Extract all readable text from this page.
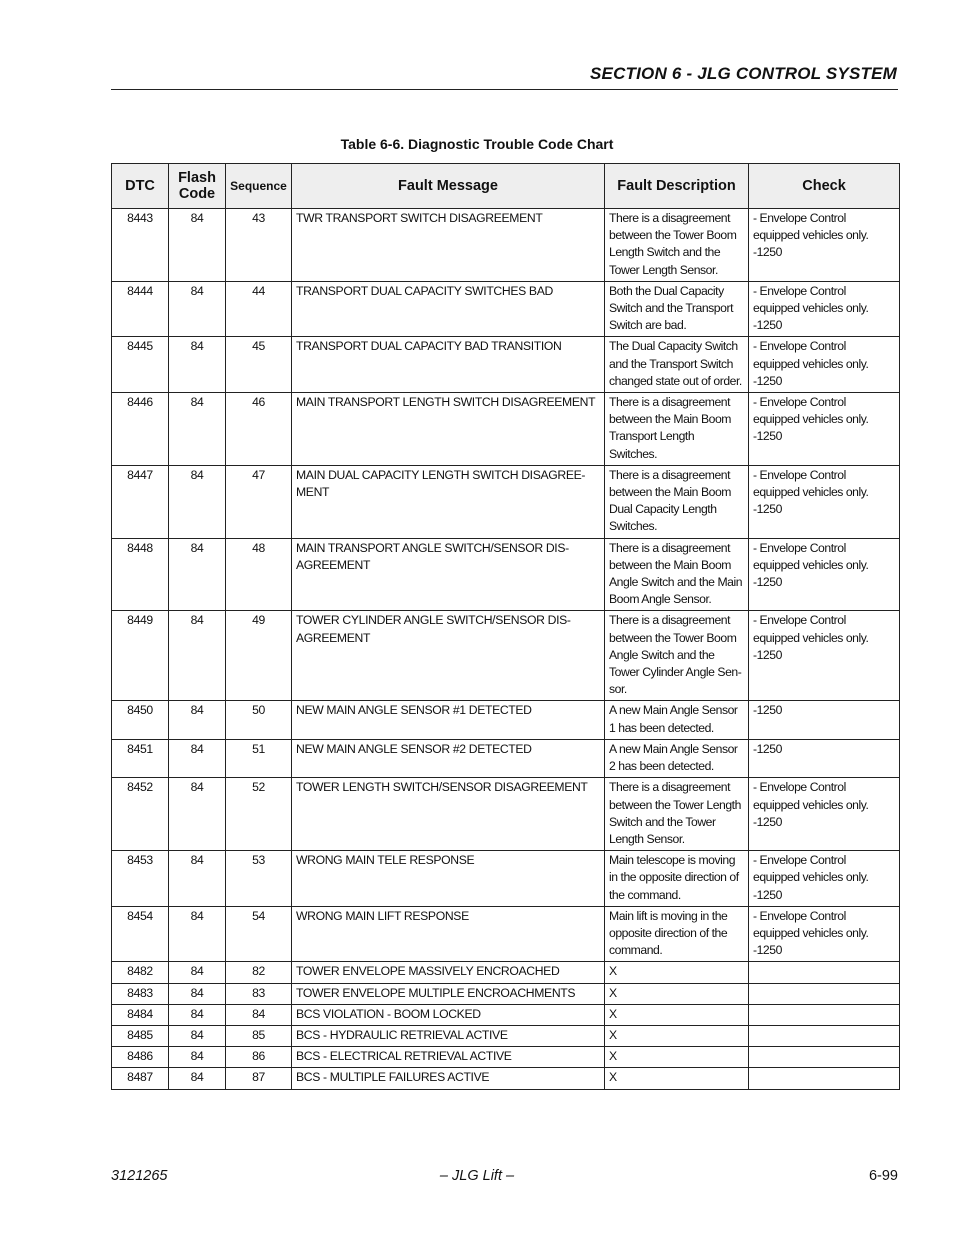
SECTION 6 - JLG CONTROL SYSTEM
Table 6-6. Diagnostic Trouble Code Chart
DTC	Flash Code	Sequence	Fault Message	Fault Description	Check
8443	84	43	TWR TRANSPORT SWITCH DISAGREEMENT	There is a disagreement between the Tower Boom Length Switch and the Tower Length Sensor.	- Envelope Control equipped vehicles only. -1250
8444	84	44	TRANSPORT DUAL CAPACITY SWITCHES BAD	Both the Dual Capacity Switch and the Transport Switch are bad.	- Envelope Control equipped vehicles only. -1250
8445	84	45	TRANSPORT DUAL CAPACITY BAD TRANSITION	The Dual Capacity Switch and the Transport Switch changed state out of order.	- Envelope Control equipped vehicles only. -1250
8446	84	46	MAIN TRANSPORT LENGTH SWITCH DISAGREEMENT	There is a disagreement between the Main Boom Transport Length Switches.	- Envelope Control equipped vehicles only. -1250
8447	84	47	MAIN DUAL CAPACITY LENGTH SWITCH DISAGREE-MENT	There is a disagreement between the Main Boom Dual Capacity Length Switches.	- Envelope Control equipped vehicles only. -1250
8448	84	48	MAIN TRANSPORT ANGLE SWITCH/SENSOR DIS-AGREEMENT	There is a disagreement between the Main Boom Angle Switch and the Main Boom Angle Sensor.	- Envelope Control equipped vehicles only. -1250
8449	84	49	TOWER CYLINDER ANGLE SWITCH/SENSOR DIS-AGREEMENT	There is a disagreement between the Tower Boom Angle Switch and the Tower Cylinder Angle Sen-sor.	- Envelope Control equipped vehicles only. -1250
8450	84	50	NEW MAIN ANGLE SENSOR #1 DETECTED	A new Main Angle Sensor 1 has been detected.	-1250
8451	84	51	NEW MAIN ANGLE SENSOR #2 DETECTED	A new Main Angle Sensor 2 has been detected.	-1250
8452	84	52	TOWER LENGTH SWITCH/SENSOR DISAGREEMENT	There is a disagreement between the Tower Length Switch and the Tower Length Sensor.	- Envelope Control equipped vehicles only. -1250
8453	84	53	WRONG MAIN TELE RESPONSE	Main telescope is moving in the opposite direction of the command.	- Envelope Control equipped vehicles only. -1250
8454	84	54	WRONG MAIN LIFT RESPONSE	Main lift is moving in the opposite direction of the command.	- Envelope Control equipped vehicles only. -1250
8482	84	82	TOWER ENVELOPE MASSIVELY ENCROACHED	X	
8483	84	83	TOWER ENVELOPE MULTIPLE ENCROACHMENTS	X	
8484	84	84	BCS VIOLATION - BOOM LOCKED	X	
8485	84	85	BCS - HYDRAULIC RETRIEVAL ACTIVE	X	
8486	84	86	BCS - ELECTRICAL RETRIEVAL ACTIVE	X	
8487	84	87	BCS - MULTIPLE FAILURES ACTIVE	X	
3121265	– JLG Lift –	6-99
